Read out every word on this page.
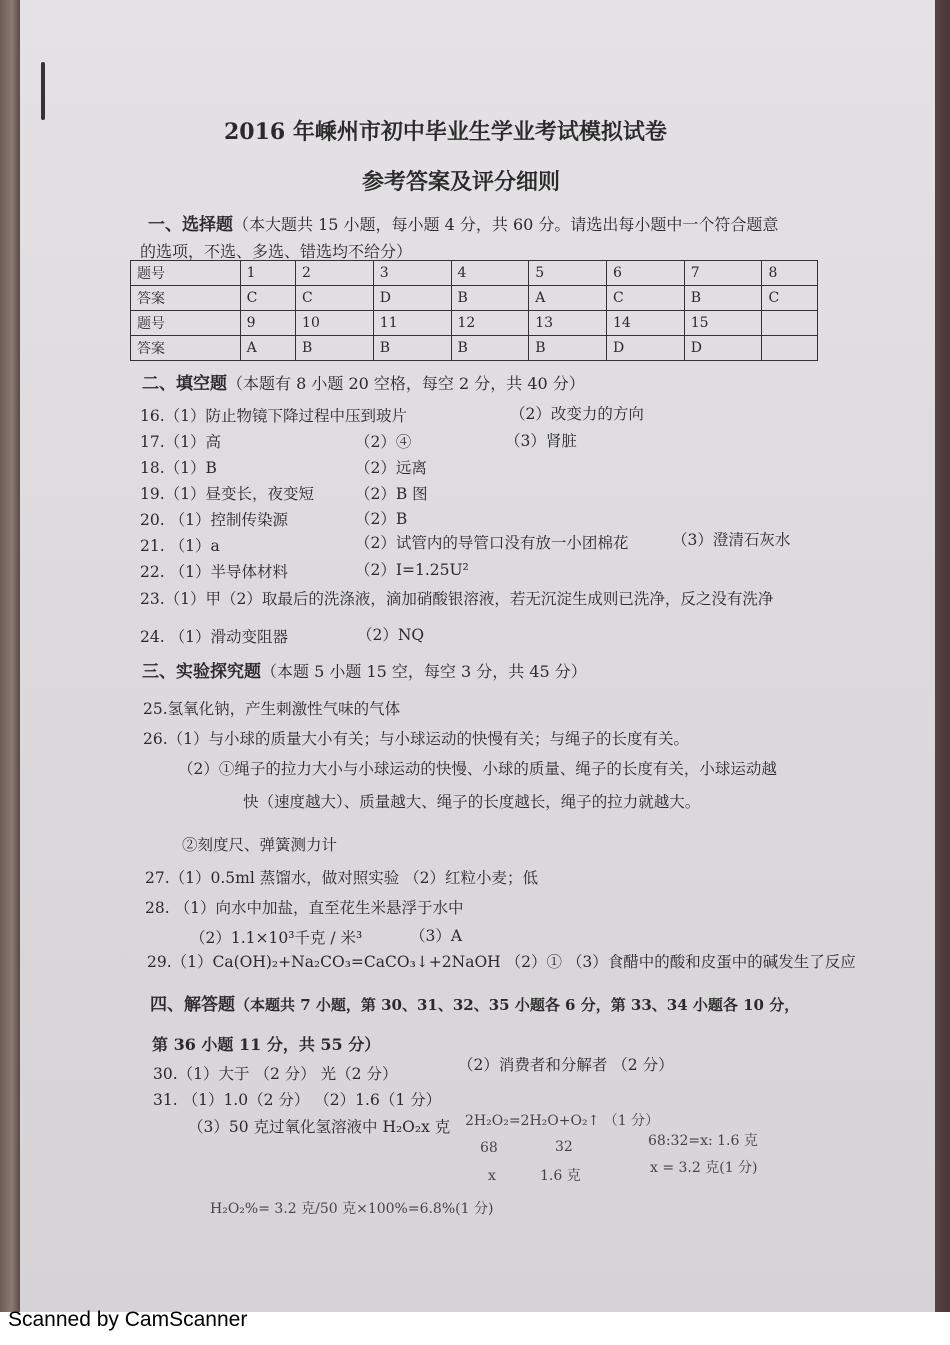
2016 年嵊州市初中毕业生学业考试模拟试卷
参考答案及评分细则
一、选择题（本大题共 15 小题，每小题 4 分，共 60 分。请选出每小题中一个符合题意
的选项，不选、多选、错选均不给分）
题号	1	2	3	4	5	6	7	8
答案	C	C	D	B	A	C	B	C
题号	9	10	11	12	13	14	15	
答案	A	B	B	B	B	D	D	
二、填空题（本题有 8 小题 20 空格，每空 2 分，共 40 分）
16.（1）防止物镜下降过程中压到玻片	（2）改变力的方向
17.（1）高	（2）④	（3）肾脏
18.（1）B	（2）远离
19.（1）昼变长，夜变短	（2）B 图
20. （1）控制传染源	（2）B
21. （1）a	（2）试管内的导管口没有放一小团棉花	（3）澄清石灰水
22. （1）半导体材料	（2）I=1.25U²
23.（1）甲（2）取最后的洗涤液，滴加硝酸银溶液，若无沉淀生成则已洗净，反之没有洗净
24. （1）滑动变阻器	（2）NQ
三、实验探究题（本题 5 小题 15 空，每空 3 分，共 45 分）
25.氢氧化钠，产生刺激性气味的气体
26.（1）与小球的质量大小有关；与小球运动的快慢有关；与绳子的长度有关。
（2）①绳子的拉力大小与小球运动的快慢、小球的质量、绳子的长度有关，小球运动越
快（速度越大）、质量越大、绳子的长度越长，绳子的拉力就越大。
②刻度尺、弹簧测力计
27.（1）0.5ml 蒸馏水，做对照实验 （2）红粒小麦；低
28. （1）向水中加盐，直至花生米悬浮于水中
（2）1.1×10³千克 / 米³	（3）A
29.（1）Ca(OH)₂+Na₂CO₃=CaCO₃↓+2NaOH （2）① （3）食醋中的酸和皮蛋中的碱发生了反应
四、解答题（本题共 7 小题，第 30、31、32、35 小题各 6 分，第 33、34 小题各 10 分，
第 36 小题 11 分，共 55 分）
30.（1）大于 （2 分） 光（2 分）	（2）消费者和分解者 （2 分）
31. （1）1.0（2 分） （2）1.6（1 分）
（3）50 克过氧化氢溶液中 H₂O₂x 克 2H₂O₂=2H₂O+O₂↑ （1 分）
68	32
x	1.6 克
68:32=x: 1.6 克
x = 3.2 克(1 分)
H₂O₂%= 3.2 克/50 克×100%=6.8%(1 分)
Scanned by CamScanner
